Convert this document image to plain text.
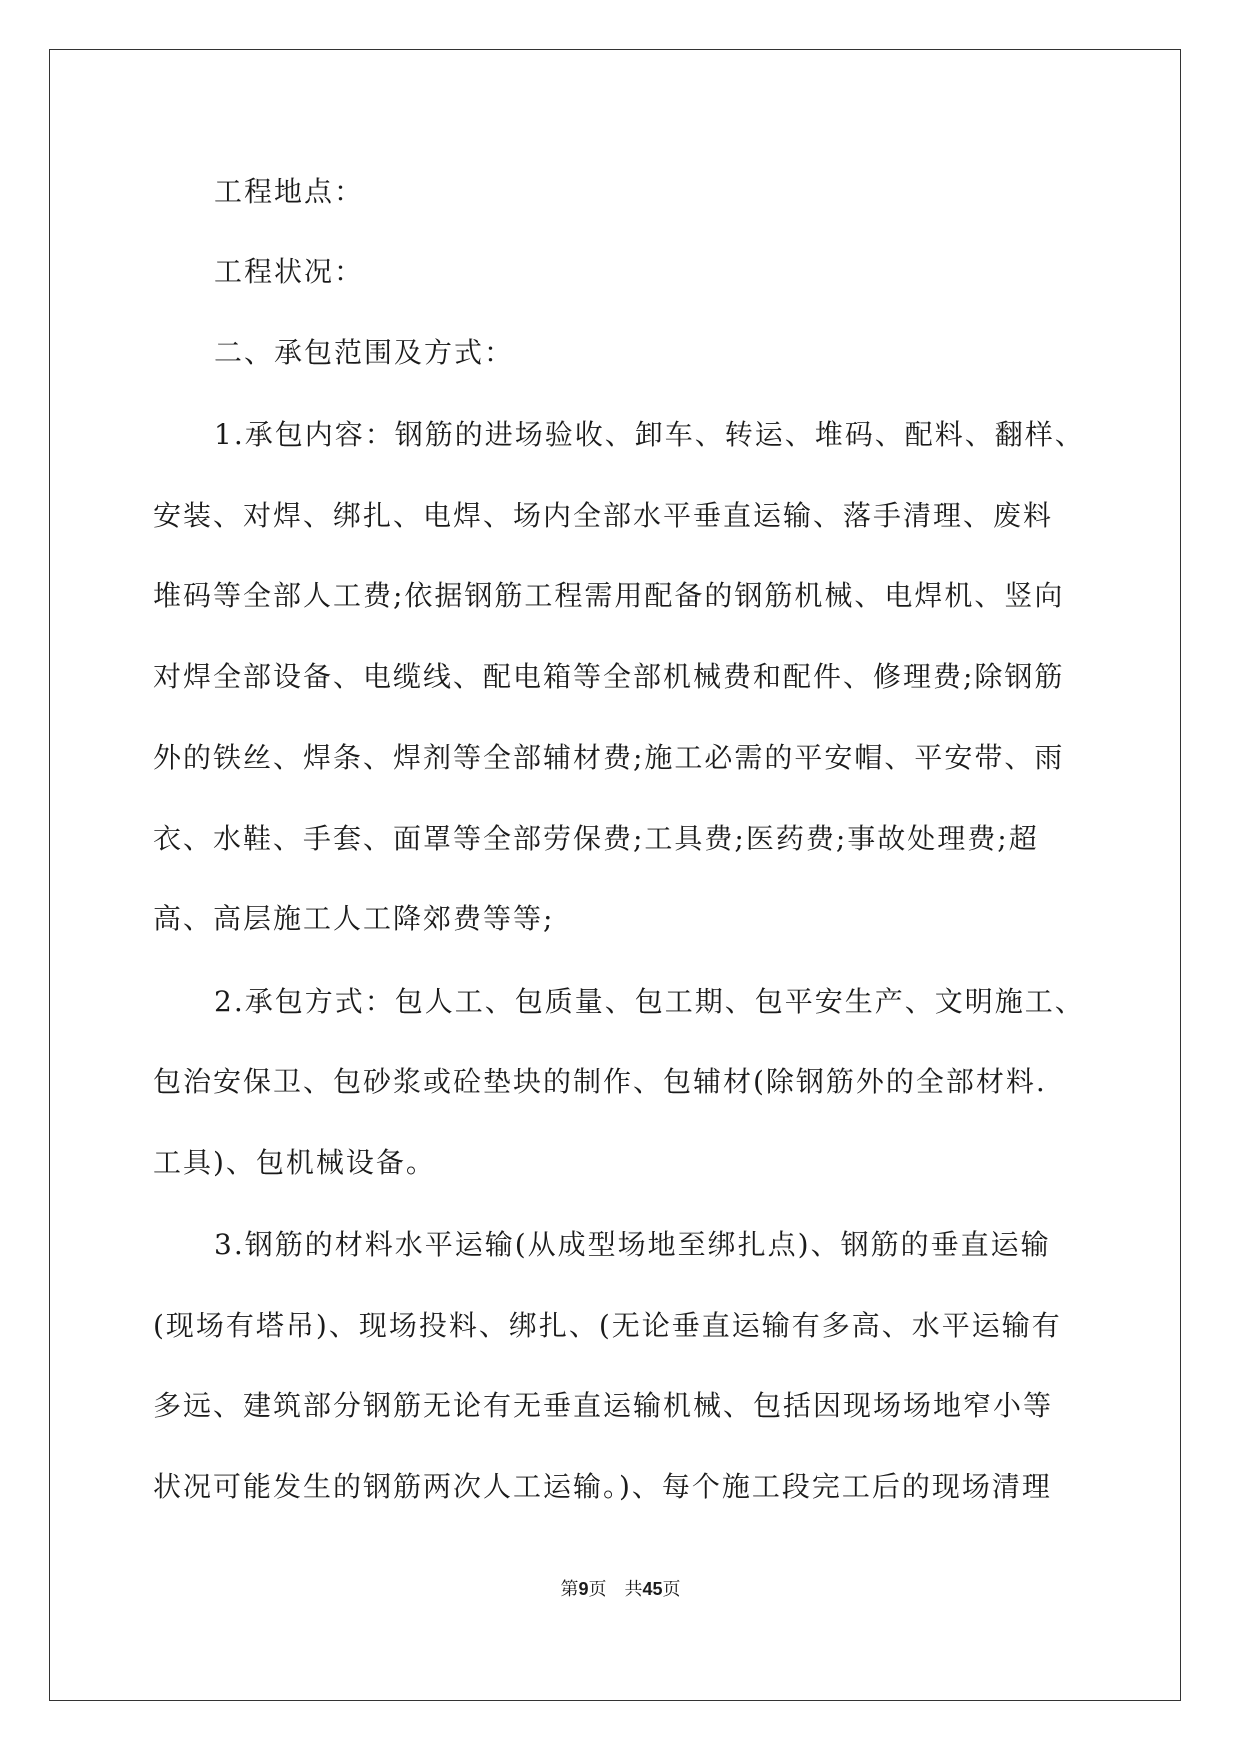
工程地点：
工程状况：
二、承包范围及方式：
1.承包内容：钢筋的进场验收、卸车、转运、堆码、配料、翻样、
安装、对焊、绑扎、电焊、场内全部水平垂直运输、落手清理、废料
堆码等全部人工费;依据钢筋工程需用配备的钢筋机械、电焊机、竖向
对焊全部设备、电缆线、配电箱等全部机械费和配件、修理费;除钢筋
外的铁丝、焊条、焊剂等全部辅材费;施工必需的平安帽、平安带、雨
衣、水鞋、手套、面罩等全部劳保费;工具费;医药费;事故处理费;超
高、高层施工人工降郊费等等;
2.承包方式：包人工、包质量、包工期、包平安生产、文明施工、
包治安保卫、包砂浆或砼垫块的制作、包辅材(除钢筋外的全部材料.
工具)、包机械设备。
3.钢筋的材料水平运输(从成型场地至绑扎点)、钢筋的垂直运输
(现场有塔吊)、现场投料、绑扎、(无论垂直运输有多高、水平运输有
多远、建筑部分钢筋无论有无垂直运输机械、包括因现场场地窄小等
状况可能发生的钢筋两次人工运输。)、每个施工段完工后的现场清理
第9页 共45页
